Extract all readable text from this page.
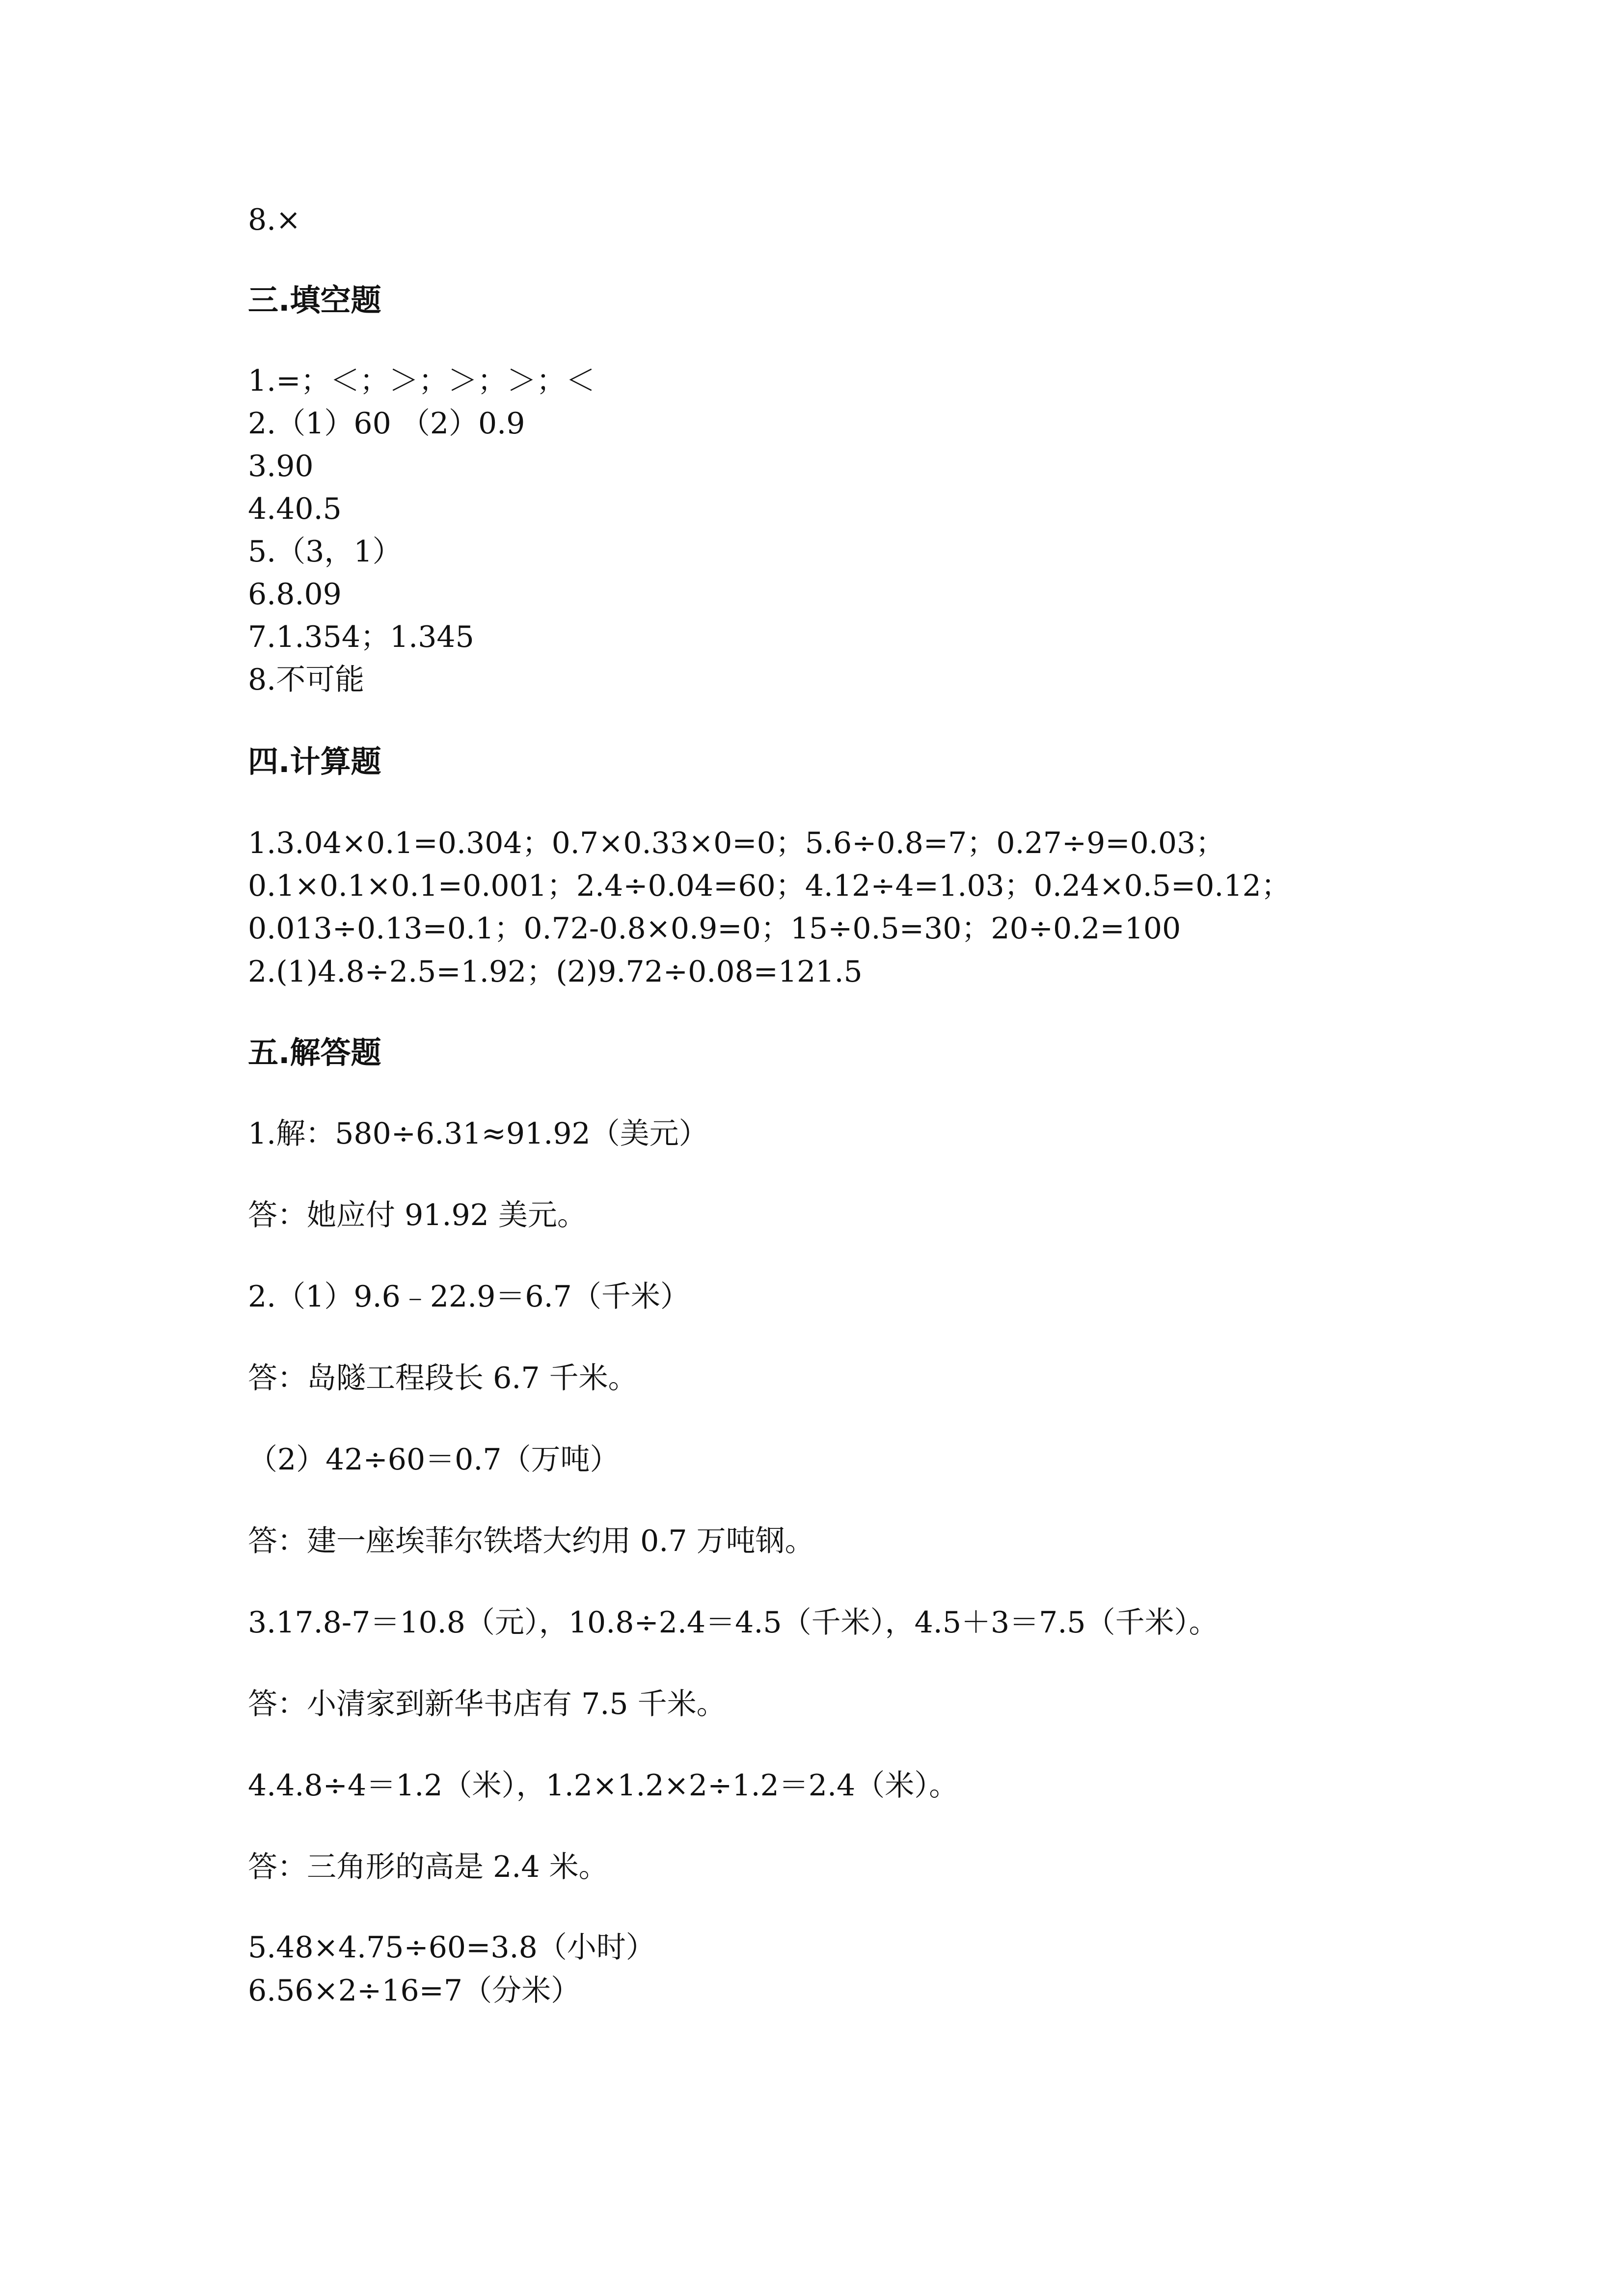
8.×

三.填空题

1.=；＜；＞；＞；＞；＜

2.（1）60 （2）0.9

3.90

4.40.5

5.（3，1）

6.8.09

7.1.354；1.345

8.不可能

四.计算题

1.3.04×0.1=0.304；0.7×0.33×0=0；5.6÷0.8=7；0.27÷9=0.03；

0.1×0.1×0.1=0.001；2.4÷0.04=60；4.12÷4=1.03；0.24×0.5=0.12；

0.013÷0.13=0.1；0.72-0.8×0.9=0；15÷0.5=30；20÷0.2=100

2.(1)4.8÷2.5=1.92；(2)9.72÷0.08=121.5

五.解答题

1.解：580÷6.31≈91.92（美元）

答：她应付 91.92 美元。

2.（1）9.6﹣22.9＝6.7（千米）

答：岛隧工程段长 6.7 千米。

（2）42÷60＝0.7（万吨）

答：建一座埃菲尔铁塔大约用 0.7 万吨钢。

3.17.8-7＝10.8（元），10.8÷2.4＝4.5（千米），4.5＋3＝7.5（千米）。

答：小清家到新华书店有 7.5 千米。

4.4.8÷4＝1.2（米），1.2×1.2×2÷1.2＝2.4（米）。

答：三角形的高是 2.4 米。

5.48×4.75÷60=3.8（小时）

6.56×2÷16=7（分米）
